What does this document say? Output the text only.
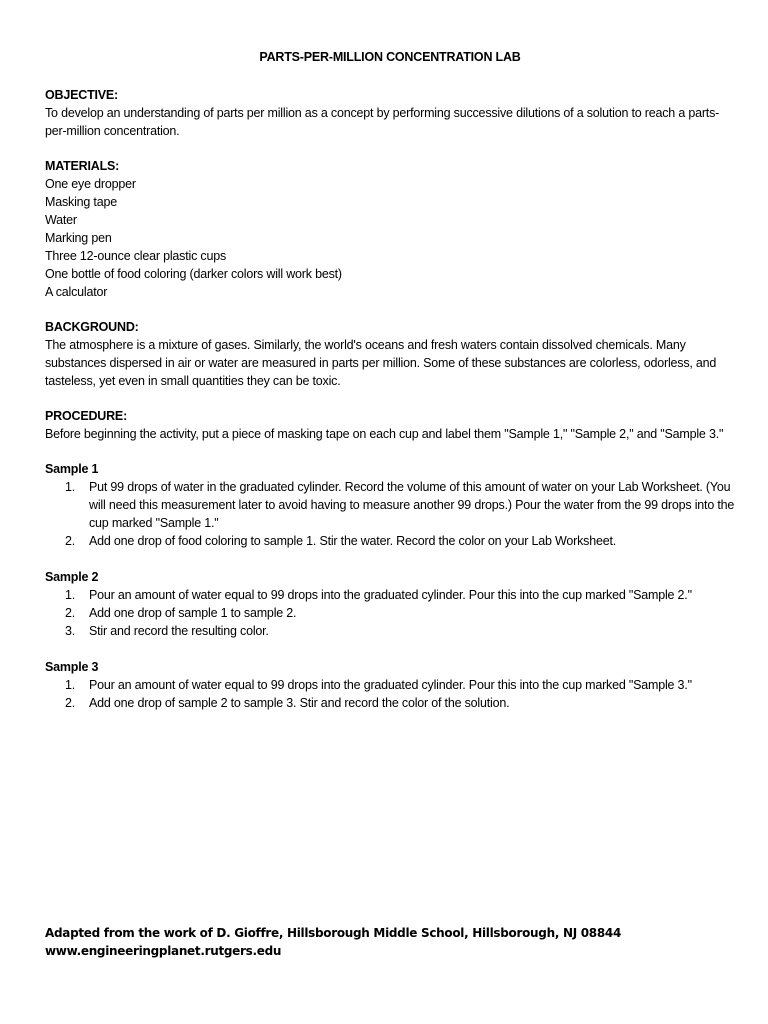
PARTS-PER-MILLION CONCENTRATION LAB
OBJECTIVE:

To develop an understanding of parts per million as a concept by performing successive dilutions of a solution to reach a parts-per-million concentration.

MATERIALS:
One eye dropper
Masking tape
Water
Marking pen
Three 12-ounce clear plastic cups
One bottle of food coloring (darker colors will work best)
A calculator
BACKGROUND:

The atmosphere is a mixture of gases. Similarly, the world's oceans and fresh waters contain dissolved chemicals. Many substances dispersed in air or water are measured in parts per million. Some of these substances are colorless, odorless, and tasteless, yet even in small quantities they can be toxic.

PROCEDURE:

Before beginning the activity, put a piece of masking tape on each cup and label them "Sample 1," "Sample 2," and "Sample 3."

Sample 1
1. Put 99 drops of water in the graduated cylinder. Record the volume of this amount of water on your Lab Worksheet. (You will need this measurement later to avoid having to measure another 99 drops.) Pour the water from the 99 drops into the cup marked "Sample 1."
2. Add one drop of food coloring to sample 1. Stir the water. Record the color on your Lab Worksheet.
Sample 2
1. Pour an amount of water equal to 99 drops into the graduated cylinder. Pour this into the cup marked "Sample 2."
2. Add one drop of sample 1 to sample 2.
3. Stir and record the resulting color.
Sample 3
1. Pour an amount of water equal to 99 drops into the graduated cylinder. Pour this into the cup marked "Sample 3."
2. Add one drop of sample 2 to sample 3. Stir and record the color of the solution.
Adapted from the work of D. Gioffre, Hillsborough Middle School, Hillsborough, NJ 08844
www.engineeringplanet.rutgers.edu
